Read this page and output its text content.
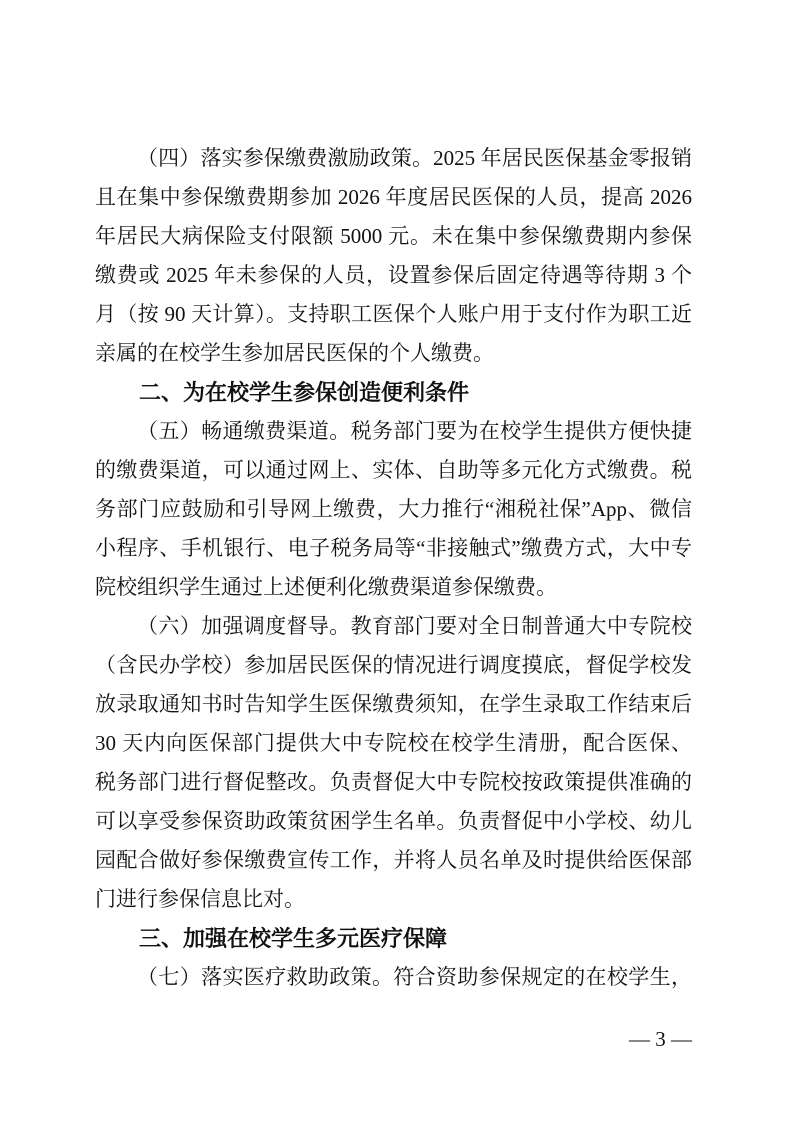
（四）落实参保缴费激励政策。2025 年居民医保基金零报销
且在集中参保缴费期参加 2026 年度居民医保的人员，提高 2026
年居民大病保险支付限额 5000 元。未在集中参保缴费期内参保
缴费或 2025 年未参保的人员，设置参保后固定待遇等待期 3 个
月（按 90 天计算）。支持职工医保个人账户用于支付作为职工近
亲属的在校学生参加居民医保的个人缴费。
二、为在校学生参保创造便利条件
（五）畅通缴费渠道。税务部门要为在校学生提供方便快捷
的缴费渠道，可以通过网上、实体、自助等多元化方式缴费。税
务部门应鼓励和引导网上缴费，大力推行“湘税社保”App、微信
小程序、手机银行、电子税务局等“非接触式”缴费方式，大中专
院校组织学生通过上述便利化缴费渠道参保缴费。
（六）加强调度督导。教育部门要对全日制普通大中专院校
（含民办学校）参加居民医保的情况进行调度摸底，督促学校发
放录取通知书时告知学生医保缴费须知，在学生录取工作结束后
30 天内向医保部门提供大中专院校在校学生清册，配合医保、
税务部门进行督促整改。负责督促大中专院校按政策提供准确的
可以享受参保资助政策贫困学生名单。负责督促中小学校、幼儿
园配合做好参保缴费宣传工作，并将人员名单及时提供给医保部
门进行参保信息比对。
三、加强在校学生多元医疗保障
（七）落实医疗救助政策。符合资助参保规定的在校学生，
— 3 —
